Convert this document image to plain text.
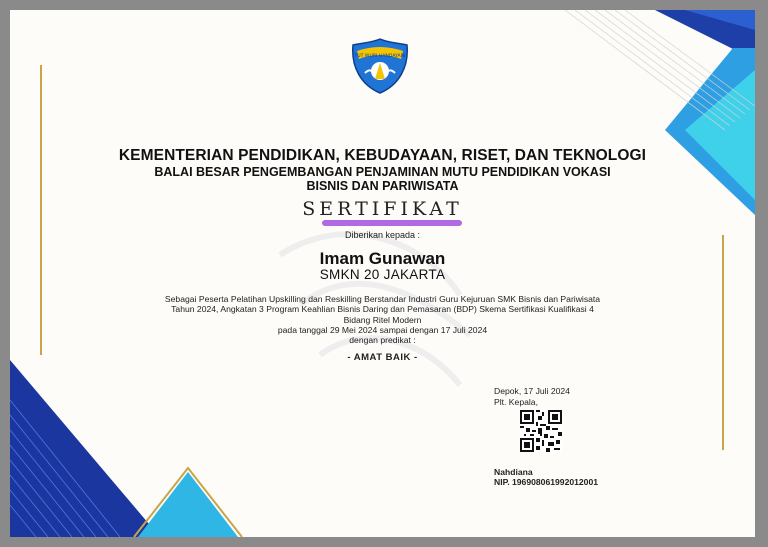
TUT WURI HANDAYANI
KEMENTERIAN PENDIDIKAN, KEBUDAYAAN, RISET, DAN TEKNOLOGI
BALAI BESAR PENGEMBANGAN PENJAMINAN MUTU PENDIDIKAN VOKASI
BISNIS DAN PARIWISATA
SERTIFIKAT
Diberikan kepada :
Imam Gunawan
SMKN 20 JAKARTA
Sebagai Peserta Pelatihan Upskilling dan Reskilling Berstandar Industri Guru Kejuruan SMK Bisnis dan Pariwisata
Tahun 2024, Angkatan 3 Program Keahlian Bisnis Daring dan Pemasaran (BDP) Skema Sertifikasi Kualifikasi 4
Bidang Ritel Modern
pada tanggal 29 Mei 2024 sampai dengan 17 Juli 2024
dengan predikat :
- AMAT BAIK -
Depok, 17 Juli 2024
Plt. Kepala,
Nahdiana
NIP. 196908061992012001
